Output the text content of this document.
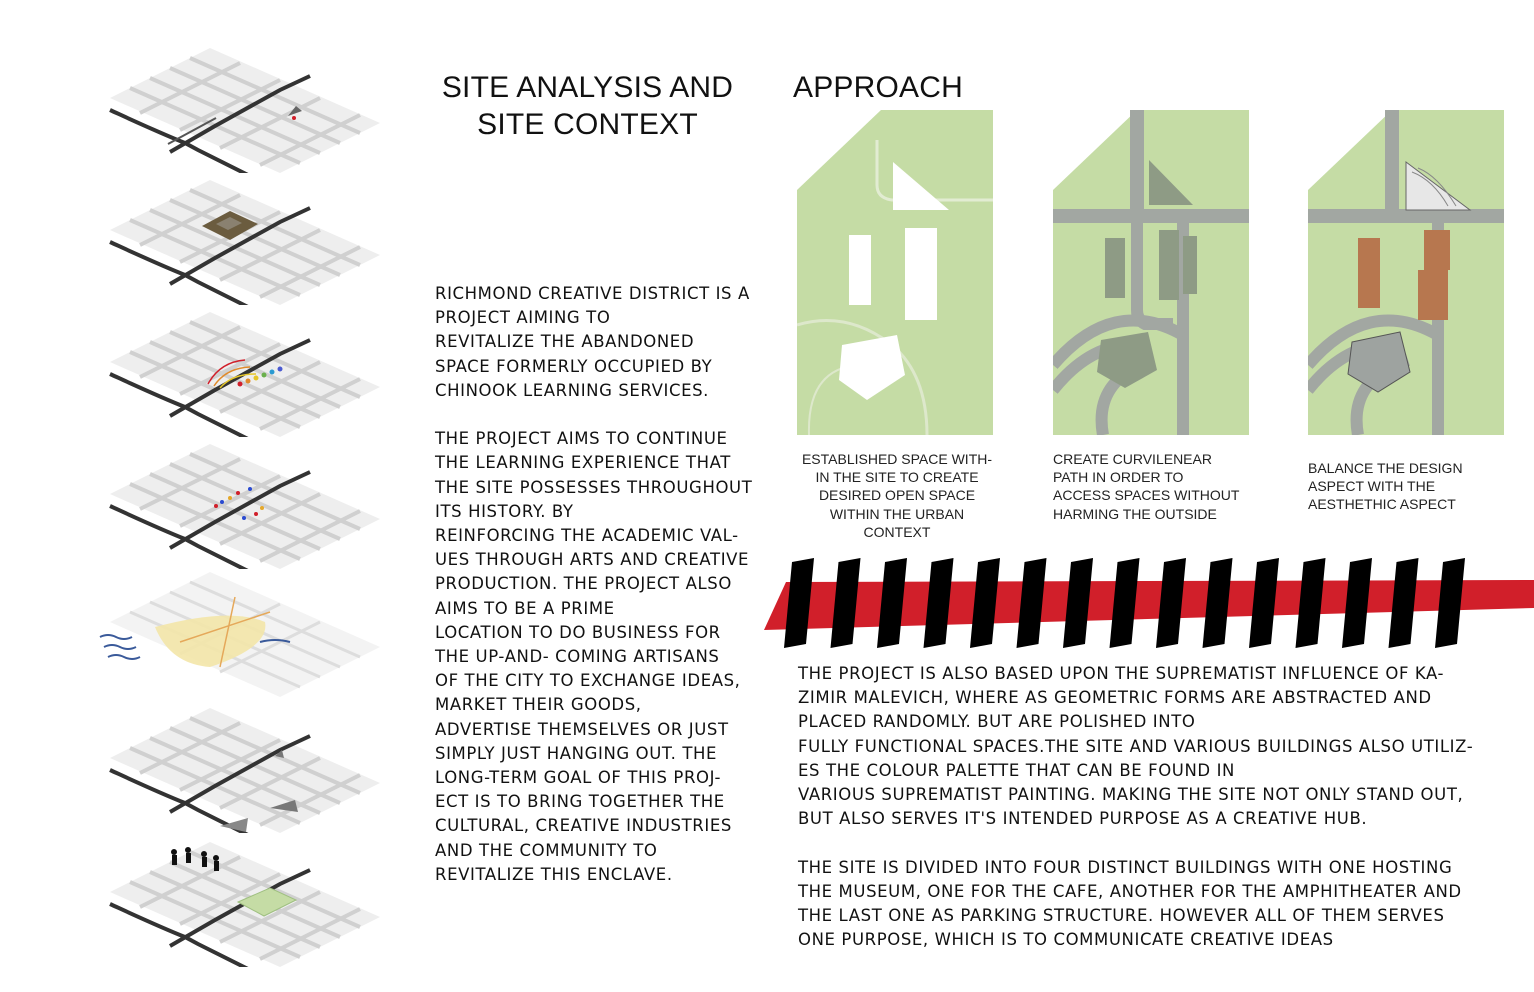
SITE ANALYSIS AND
SITE CONTEXT
APPROACH
RICHMOND CREATIVE DISTRICT IS A
PROJECT AIMING TO
REVITALIZE THE ABANDONED
SPACE FORMERLY OCCUPIED BY
CHINOOK LEARNING SERVICES.

THE PROJECT AIMS TO CONTINUE
THE LEARNING EXPERIENCE THAT
THE SITE POSSESSES THROUGHOUT
ITS HISTORY. BY
REINFORCING THE ACADEMIC VAL-
UES THROUGH ARTS AND CREATIVE
PRODUCTION. THE PROJECT ALSO
AIMS TO BE A PRIME
LOCATION TO DO BUSINESS FOR
THE UP-AND- COMING ARTISANS
OF THE CITY TO EXCHANGE IDEAS,
MARKET THEIR GOODS,
ADVERTISE THEMSELVES OR JUST
SIMPLY JUST HANGING OUT. THE
LONG-TERM GOAL OF THIS PROJ-
ECT IS TO BRING TOGETHER THE
CULTURAL, CREATIVE INDUSTRIES
AND THE COMMUNITY TO
REVITALIZE THIS ENCLAVE.
ESTABLISHED SPACE WITH-
IN THE SITE TO CREATE
DESIRED OPEN SPACE
WITHIN THE URBAN
CONTEXT
CREATE CURVILENEAR
PATH IN ORDER TO
ACCESS SPACES WITHOUT
HARMING THE OUTSIDE
BALANCE THE DESIGN
ASPECT WITH THE
AESTHETHIC ASPECT
THE PROJECT IS ALSO BASED UPON THE SUPREMATIST INFLUENCE OF KA-
ZIMIR MALEVICH, WHERE AS GEOMETRIC FORMS ARE ABSTRACTED AND
PLACED RANDOMLY. BUT ARE POLISHED INTO
FULLY FUNCTIONAL SPACES.THE SITE AND VARIOUS BUILDINGS ALSO UTILIZ-
ES THE COLOUR PALETTE THAT CAN BE FOUND IN
VARIOUS SUPREMATIST PAINTING. MAKING THE SITE NOT ONLY STAND OUT,
BUT ALSO SERVES IT'S INTENDED PURPOSE AS A CREATIVE HUB.

THE SITE IS DIVIDED INTO FOUR DISTINCT BUILDINGS WITH ONE HOSTING
THE MUSEUM, ONE FOR THE CAFE, ANOTHER FOR THE AMPHITHEATER AND
THE LAST ONE AS PARKING STRUCTURE. HOWEVER ALL OF THEM SERVES
ONE PURPOSE, WHICH IS TO COMMUNICATE CREATIVE IDEAS
